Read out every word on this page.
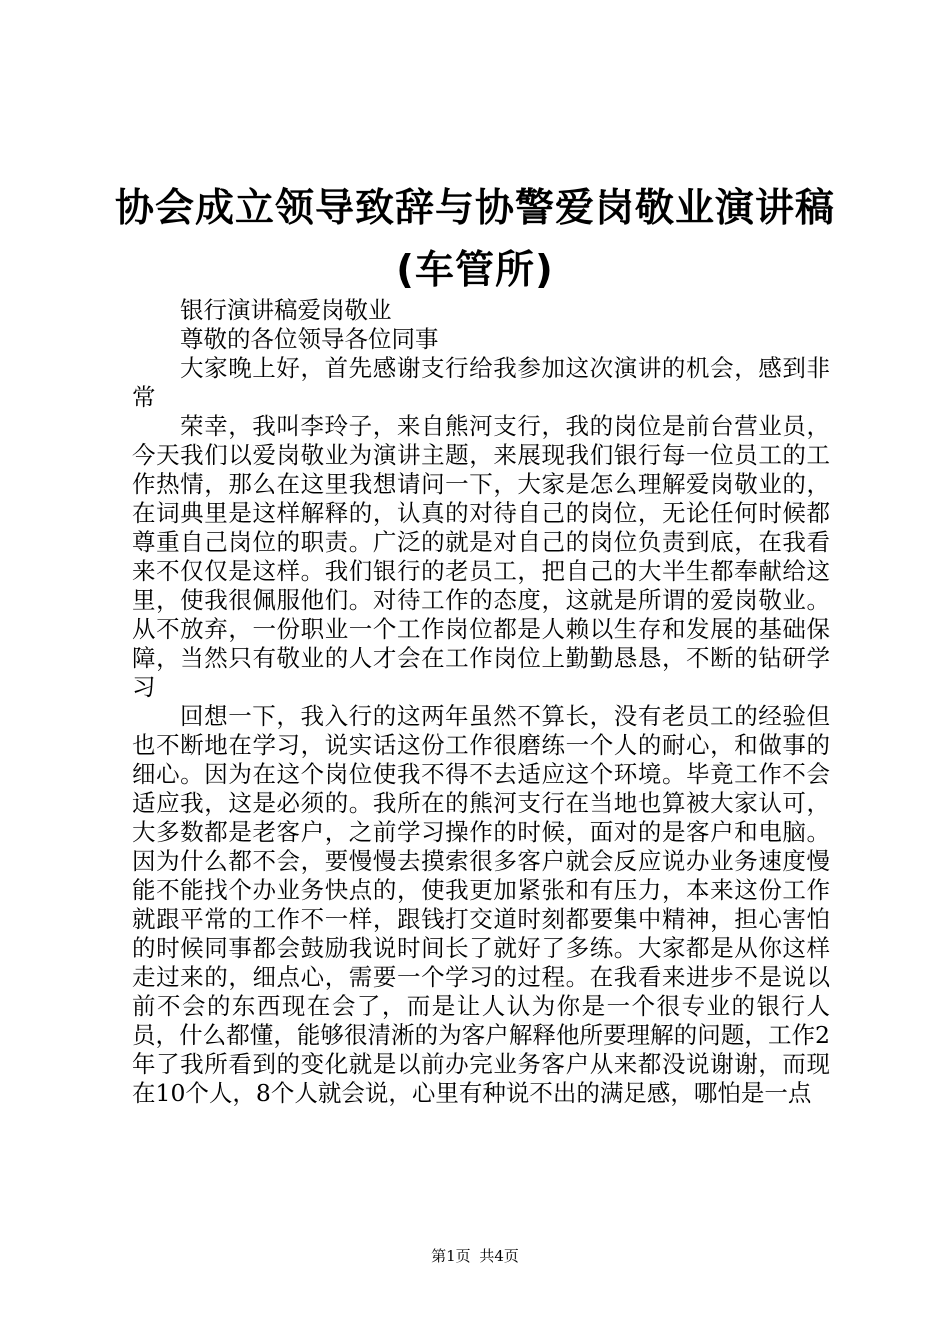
协会成立领导致辞与协警爱岗敬业演讲稿(车管所)

银行演讲稿爱岗敬业

尊敬的各位领导各位同事

大家晚上好，首先感谢支行给我参加这次演讲的机会，感到非常

荣幸，我叫李玲子，来自熊河支行，我的岗位是前台营业员，今天我们以爱岗敬业为演讲主题，来展现我们银行每一位员工的工作热情，那么在这里我想请问一下，大家是怎么理解爱岗敬业的，在词典里是这样解释的，认真的对待自己的岗位，无论任何时候都尊重自己岗位的职责。广泛的就是对自己的岗位负责到底，在我看来不仅仅是这样。我们银行的老员工，把自己的大半生都奉献给这里，使我很佩服他们。对待工作的态度，这就是所谓的爱岗敬业。从不放弃，一份职业一个工作岗位都是人赖以生存和发展的基础保障，当然只有敬业的人才会在工作岗位上勤勤恳恳，不断的钻研学习

回想一下，我入行的这两年虽然不算长，没有老员工的经验但也不断地在学习，说实话这份工作很磨练一个人的耐心，和做事的细心。因为在这个岗位使我不得不去适应这个环境。毕竟工作不会适应我，这是必须的。我所在的熊河支行在当地也算被大家认可，大多数都是老客户，之前学习操作的时候，面对的是客户和电脑。因为什么都不会，要慢慢去摸索很多客户就会反应说办业务速度慢能不能找个办业务快点的，使我更加紧张和有压力，本来这份工作就跟平常的工作不一样，跟钱打交道时刻都要集中精神，担心害怕的时候同事都会鼓励我说时间长了就好了多练。大家都是从你这样走过来的，细点心，需要一个学习的过程。在我看来进步不是说以前不会的东西现在会了，而是让人认为你是一个很专业的银行人员，什么都懂，能够很清淅的为客户解释他所要理解的问题，工作2年了我所看到的变化就是以前办完业务客户从来都没说谢谢，而现在10个人，8个人就会说，心里有种说不出的满足感，哪怕是一点

第1页 共4页
